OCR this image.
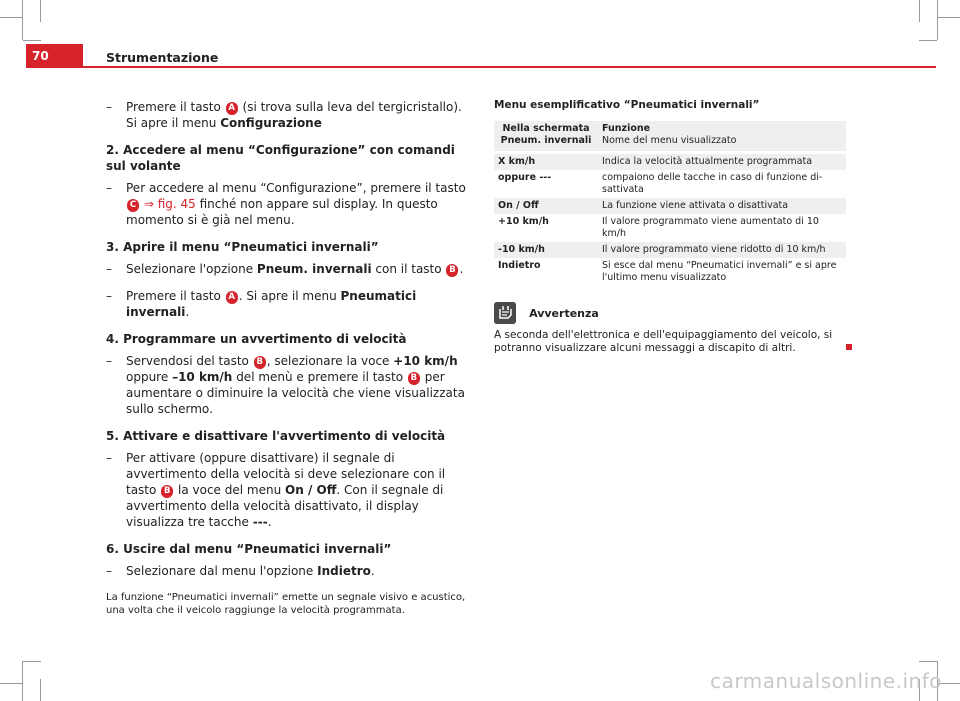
70	Strumentazione
– Premere il tasto A (si trova sulla leva del tergicristallo). Si apre il menu Configurazione
2. Accedere al menu “Configurazione” con comandi sul volante
– Per accedere al menu “Configurazione”, premere il tasto C ⇒ fig. 45 finché non appare sul display. In questo momento si è già nel menu.
3. Aprire il menu “Pneumatici invernali”
– Selezionare l'opzione Pneum. invernali con il tasto B .
– Premere il tasto A . Si apre il menu Pneumatici invernali.
4. Programmare un avvertimento di velocità
– Servendosi del tasto B , selezionare la voce +10 km/h oppure –10 km/h del menù e premere il tasto B per aumentare o diminuire la velocità che viene visualizzata sullo schermo.
5. Attivare e disattivare l'avvertimento di velocità
– Per attivare (oppure disattivare) il segnale di avvertimento della velocità si deve selezionare con il tasto B la voce del menu On / Off. Con il segnale di avvertimento della velocità disattivato, il display visualizza tre tacche ---.
6. Uscire dal menu “Pneumatici invernali”
– Selezionare dal menu l'opzione Indietro.
La funzione “Pneumatici invernali” emette un segnale visivo e acustico, una volta che il veicolo raggiunge la velocità programmata.
Menu esemplificativo “Pneumatici invernali”
Nella schermata Pneum. invernali	Funzione
Nome del menu visualizzato
X km/h	Indica la velocità attualmente programmata
oppure ---	compaiono delle tacche in caso di funzione disattivata
On / Off	La funzione viene attivata o disattivata
+10 km/h	Il valore programmato viene aumentato di 10 km/h
-10 km/h	Il valore programmato viene ridotto di 10 km/h
Indietro	Si esce dal menu “Pneumatici invernali” e si apre l'ultimo menu visualizzato
Avvertenza
A seconda dell'elettronica e dell'equipaggiamento del veicolo, si potranno visualizzare alcuni messaggi a discapito di altri.
carmanualsonline.info
